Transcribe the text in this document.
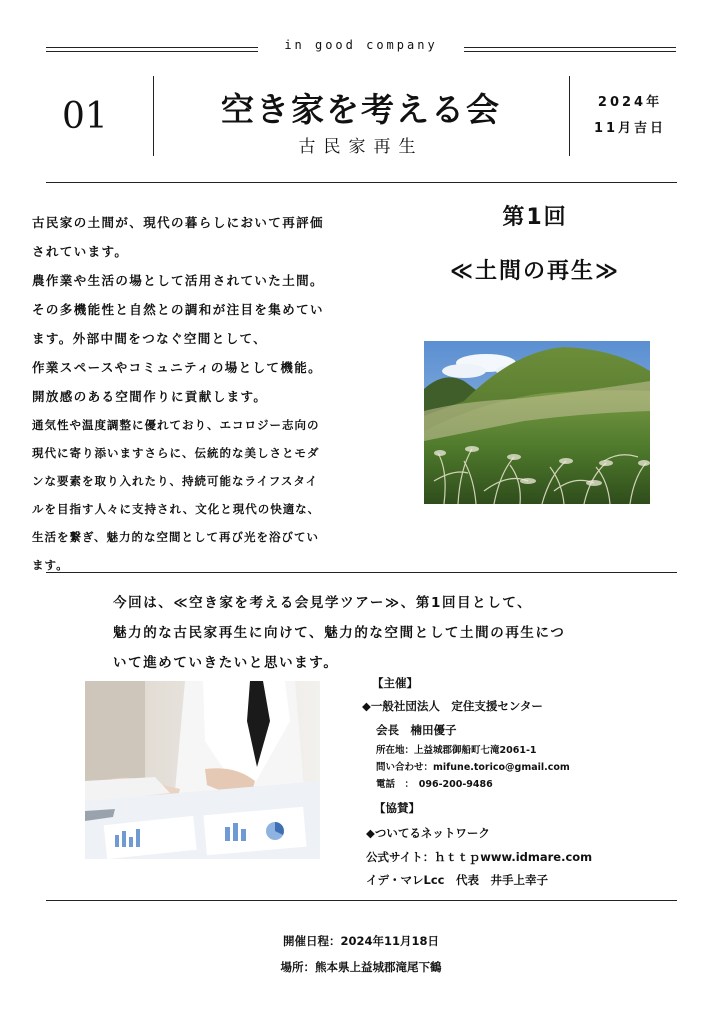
in good company
01	空き家を考える会
古民家再生
2024年
11月吉日
古民家の土間が、現代の暮らしにおいて再評価
されています。
農作業や生活の場として活用されていた土間。
その多機能性と自然との調和が注目を集めてい
ます。外部中間をつなぐ空間として、
作業スペースやコミュニティの場として機能。
開放感のある空間作りに貢献します。
通気性や温度調整に優れており、エコロジー志向の
現代に寄り添いますさらに、伝統的な美しさとモダ
ンな要素を取り入れたり、持続可能なライフスタイ
ルを目指す人々に支持され、文化と現代の快適な、
生活を繋ぎ、魅力的な空間として再び光を浴びてい
ます。
第1回
≪土間の再生≫
今回は、≪空き家を考える会見学ツアー≫、第1回目として、
魅力的な古民家再生に向けて、魅力的な空間として土間の再生につ
いて進めていきたいと思います。
【主催】
◆一般社団法人　定住支援センター
会長　楠田優子
所在地：上益城郡御船町七滝2061-1
問い合わせ：mifune.torico@gmail.com
電話　：　096-200-9486
【協賛】
◆ついてるネットワーク
公式サイト：ｈｔｔｐwww.idmare.com
イデ・マレLcc　代表　井手上幸子
開催日程：2024年11月18日
場所：熊本県上益城郡滝尾下鶴
